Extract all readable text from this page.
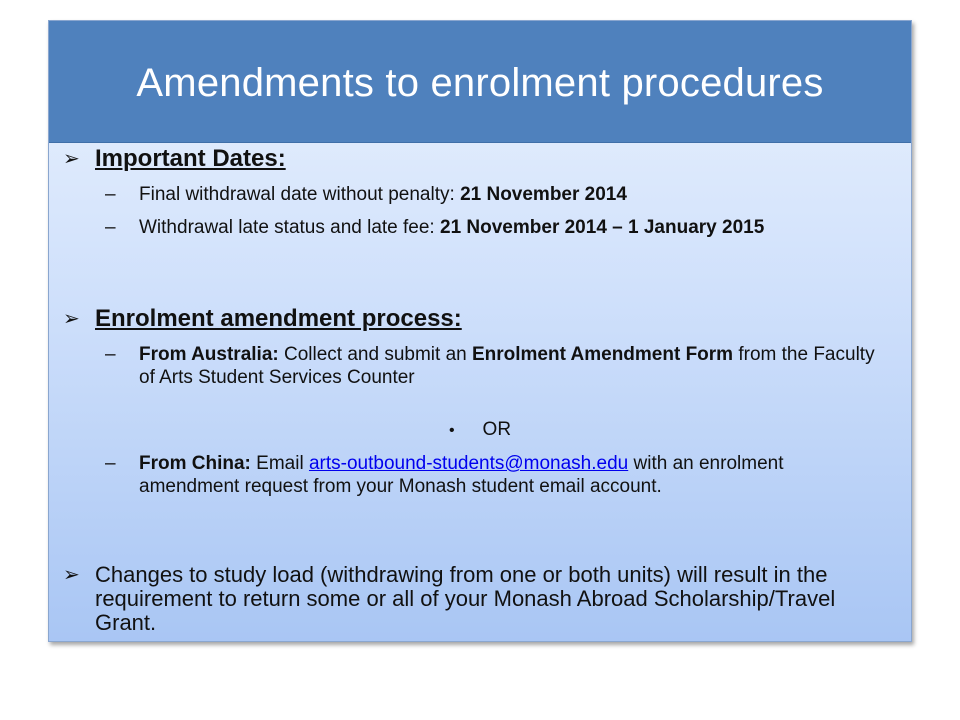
Amendments to enrolment procedures
➢ Important Dates:
–	Final withdrawal date without penalty: 21 November 2014
–	Withdrawal late status and late fee: 21 November 2014 – 1 January 2015
➢ Enrolment amendment process:
–	From Australia: Collect and submit an Enrolment Amendment Form from the Faculty of Arts Student Services Counter
• OR
–	From China: Email arts-outbound-students@monash.edu with an enrolment amendment request from your Monash student email account.
➢ Changes to study load (withdrawing from one or both units) will result in the requirement to return some or all of your Monash Abroad Scholarship/Travel Grant.
